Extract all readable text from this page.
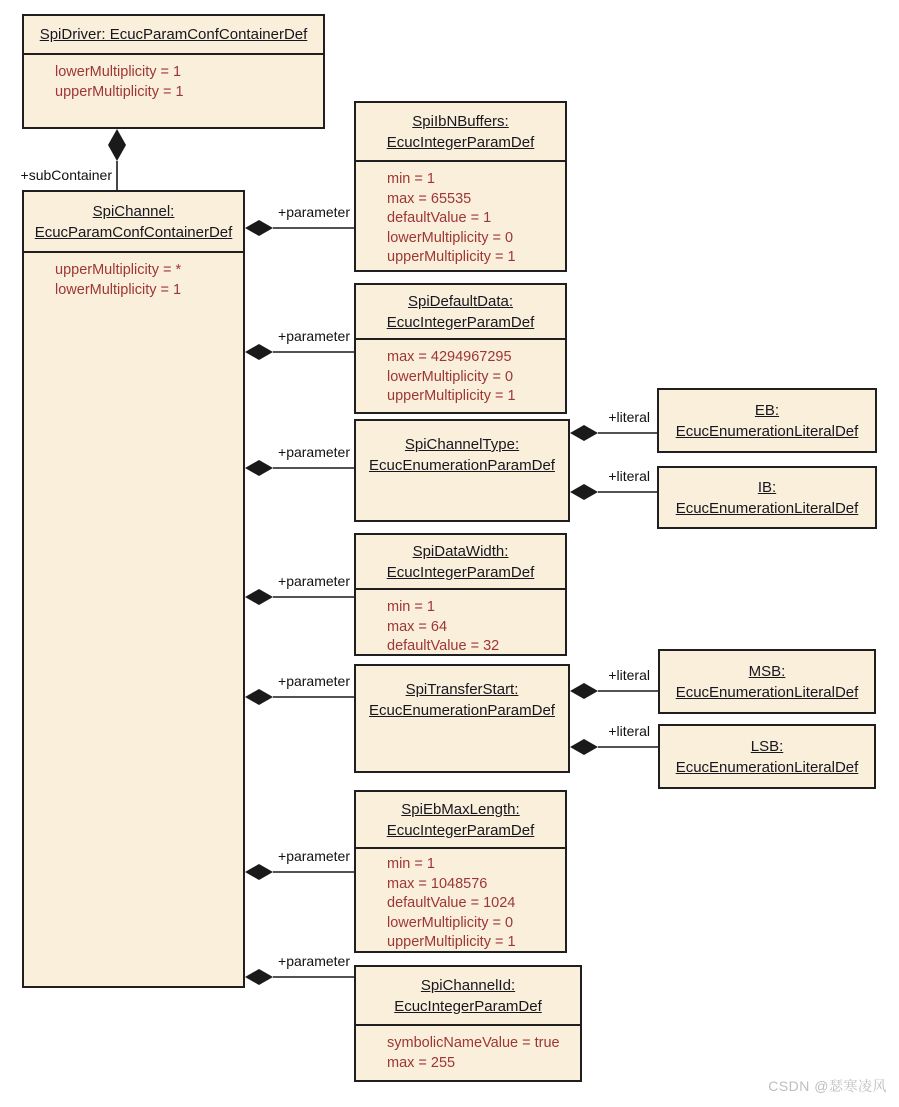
+subContainer
+parameter
+parameter
+parameter
+parameter
+parameter
+parameter
+parameter
+literal
+literal
+literal
+literal
SpiDriver: EcucParamConfContainerDef
lowerMultiplicity = 1
upperMultiplicity = 1
SpiChannel:
EcucParamConfContainerDef
upperMultiplicity = *
lowerMultiplicity = 1
SpiIbNBuffers:
EcucIntegerParamDef
min = 1
max = 65535
defaultValue = 1
lowerMultiplicity = 0
upperMultiplicity = 1
SpiDefaultData:
EcucIntegerParamDef
max = 4294967295
lowerMultiplicity = 0
upperMultiplicity = 1
SpiChannelType:
EcucEnumerationParamDef
SpiDataWidth:
EcucIntegerParamDef
min = 1
max = 64
defaultValue = 32
SpiTransferStart:
EcucEnumerationParamDef
SpiEbMaxLength:
EcucIntegerParamDef
min = 1
max = 1048576
defaultValue = 1024
lowerMultiplicity = 0
upperMultiplicity = 1
SpiChannelId:
EcucIntegerParamDef
symbolicNameValue = true
max = 255
EB:
EcucEnumerationLiteralDef
IB:
EcucEnumerationLiteralDef
MSB:
EcucEnumerationLiteralDef
LSB:
EcucEnumerationLiteralDef
CSDN @瑟寒凌风
